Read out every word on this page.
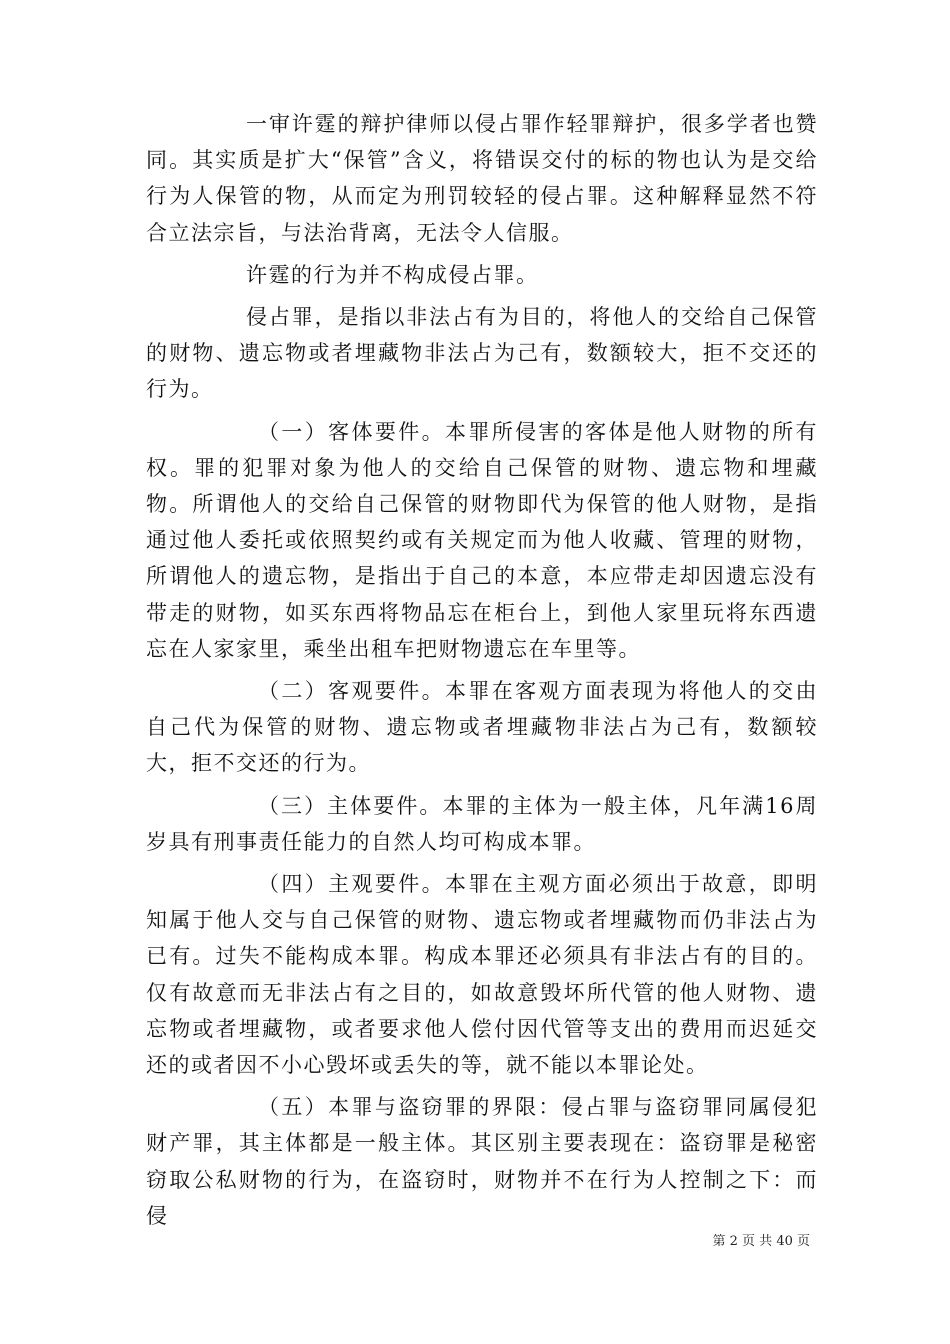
一审许霆的辩护律师以侵占罪作轻罪辩护，很多学者也赞同。其实质是扩大“保管”含义，将错误交付的标的物也认为是交给行为人保管的物，从而定为刑罚较轻的侵占罪。这种解释显然不符合立法宗旨，与法治背离，无法令人信服。

许霆的行为并不构成侵占罪。

侵占罪，是指以非法占有为目的，将他人的交给自己保管的财物、遗忘物或者埋藏物非法占为己有，数额较大，拒不交还的行为。

（一）客体要件。本罪所侵害的客体是他人财物的所有权。罪的犯罪对象为他人的交给自己保管的财物、遗忘物和埋藏物。所谓他人的交给自己保管的财物即代为保管的他人财物，是指通过他人委托或依照契约或有关规定而为他人收藏、管理的财物，所谓他人的遗忘物，是指出于自己的本意，本应带走却因遗忘没有带走的财物，如买东西将物品忘在柜台上，到他人家里玩将东西遗忘在人家家里，乘坐出租车把财物遗忘在车里等。

（二）客观要件。本罪在客观方面表现为将他人的交由自己代为保管的财物、遗忘物或者埋藏物非法占为己有，数额较大，拒不交还的行为。

（三）主体要件。本罪的主体为一般主体，凡年满16周岁具有刑事责任能力的自然人均可构成本罪。

（四）主观要件。本罪在主观方面必须出于故意，即明知属于他人交与自己保管的财物、遗忘物或者埋藏物而仍非法占为已有。过失不能构成本罪。构成本罪还必须具有非法占有的目的。仅有故意而无非法占有之目的，如故意毁坏所代管的他人财物、遗忘物或者埋藏物，或者要求他人偿付因代管等支出的费用而迟延交还的或者因不小心毁坏或丢失的等，就不能以本罪论处。

（五）本罪与盗窃罪的界限：侵占罪与盗窃罪同属侵犯财产罪，其主体都是一般主体。其区别主要表现在：盗窃罪是秘密窃取公私财物的行为，在盗窃时，财物并不在行为人控制之下：而侵

第 2 页 共 40 页
